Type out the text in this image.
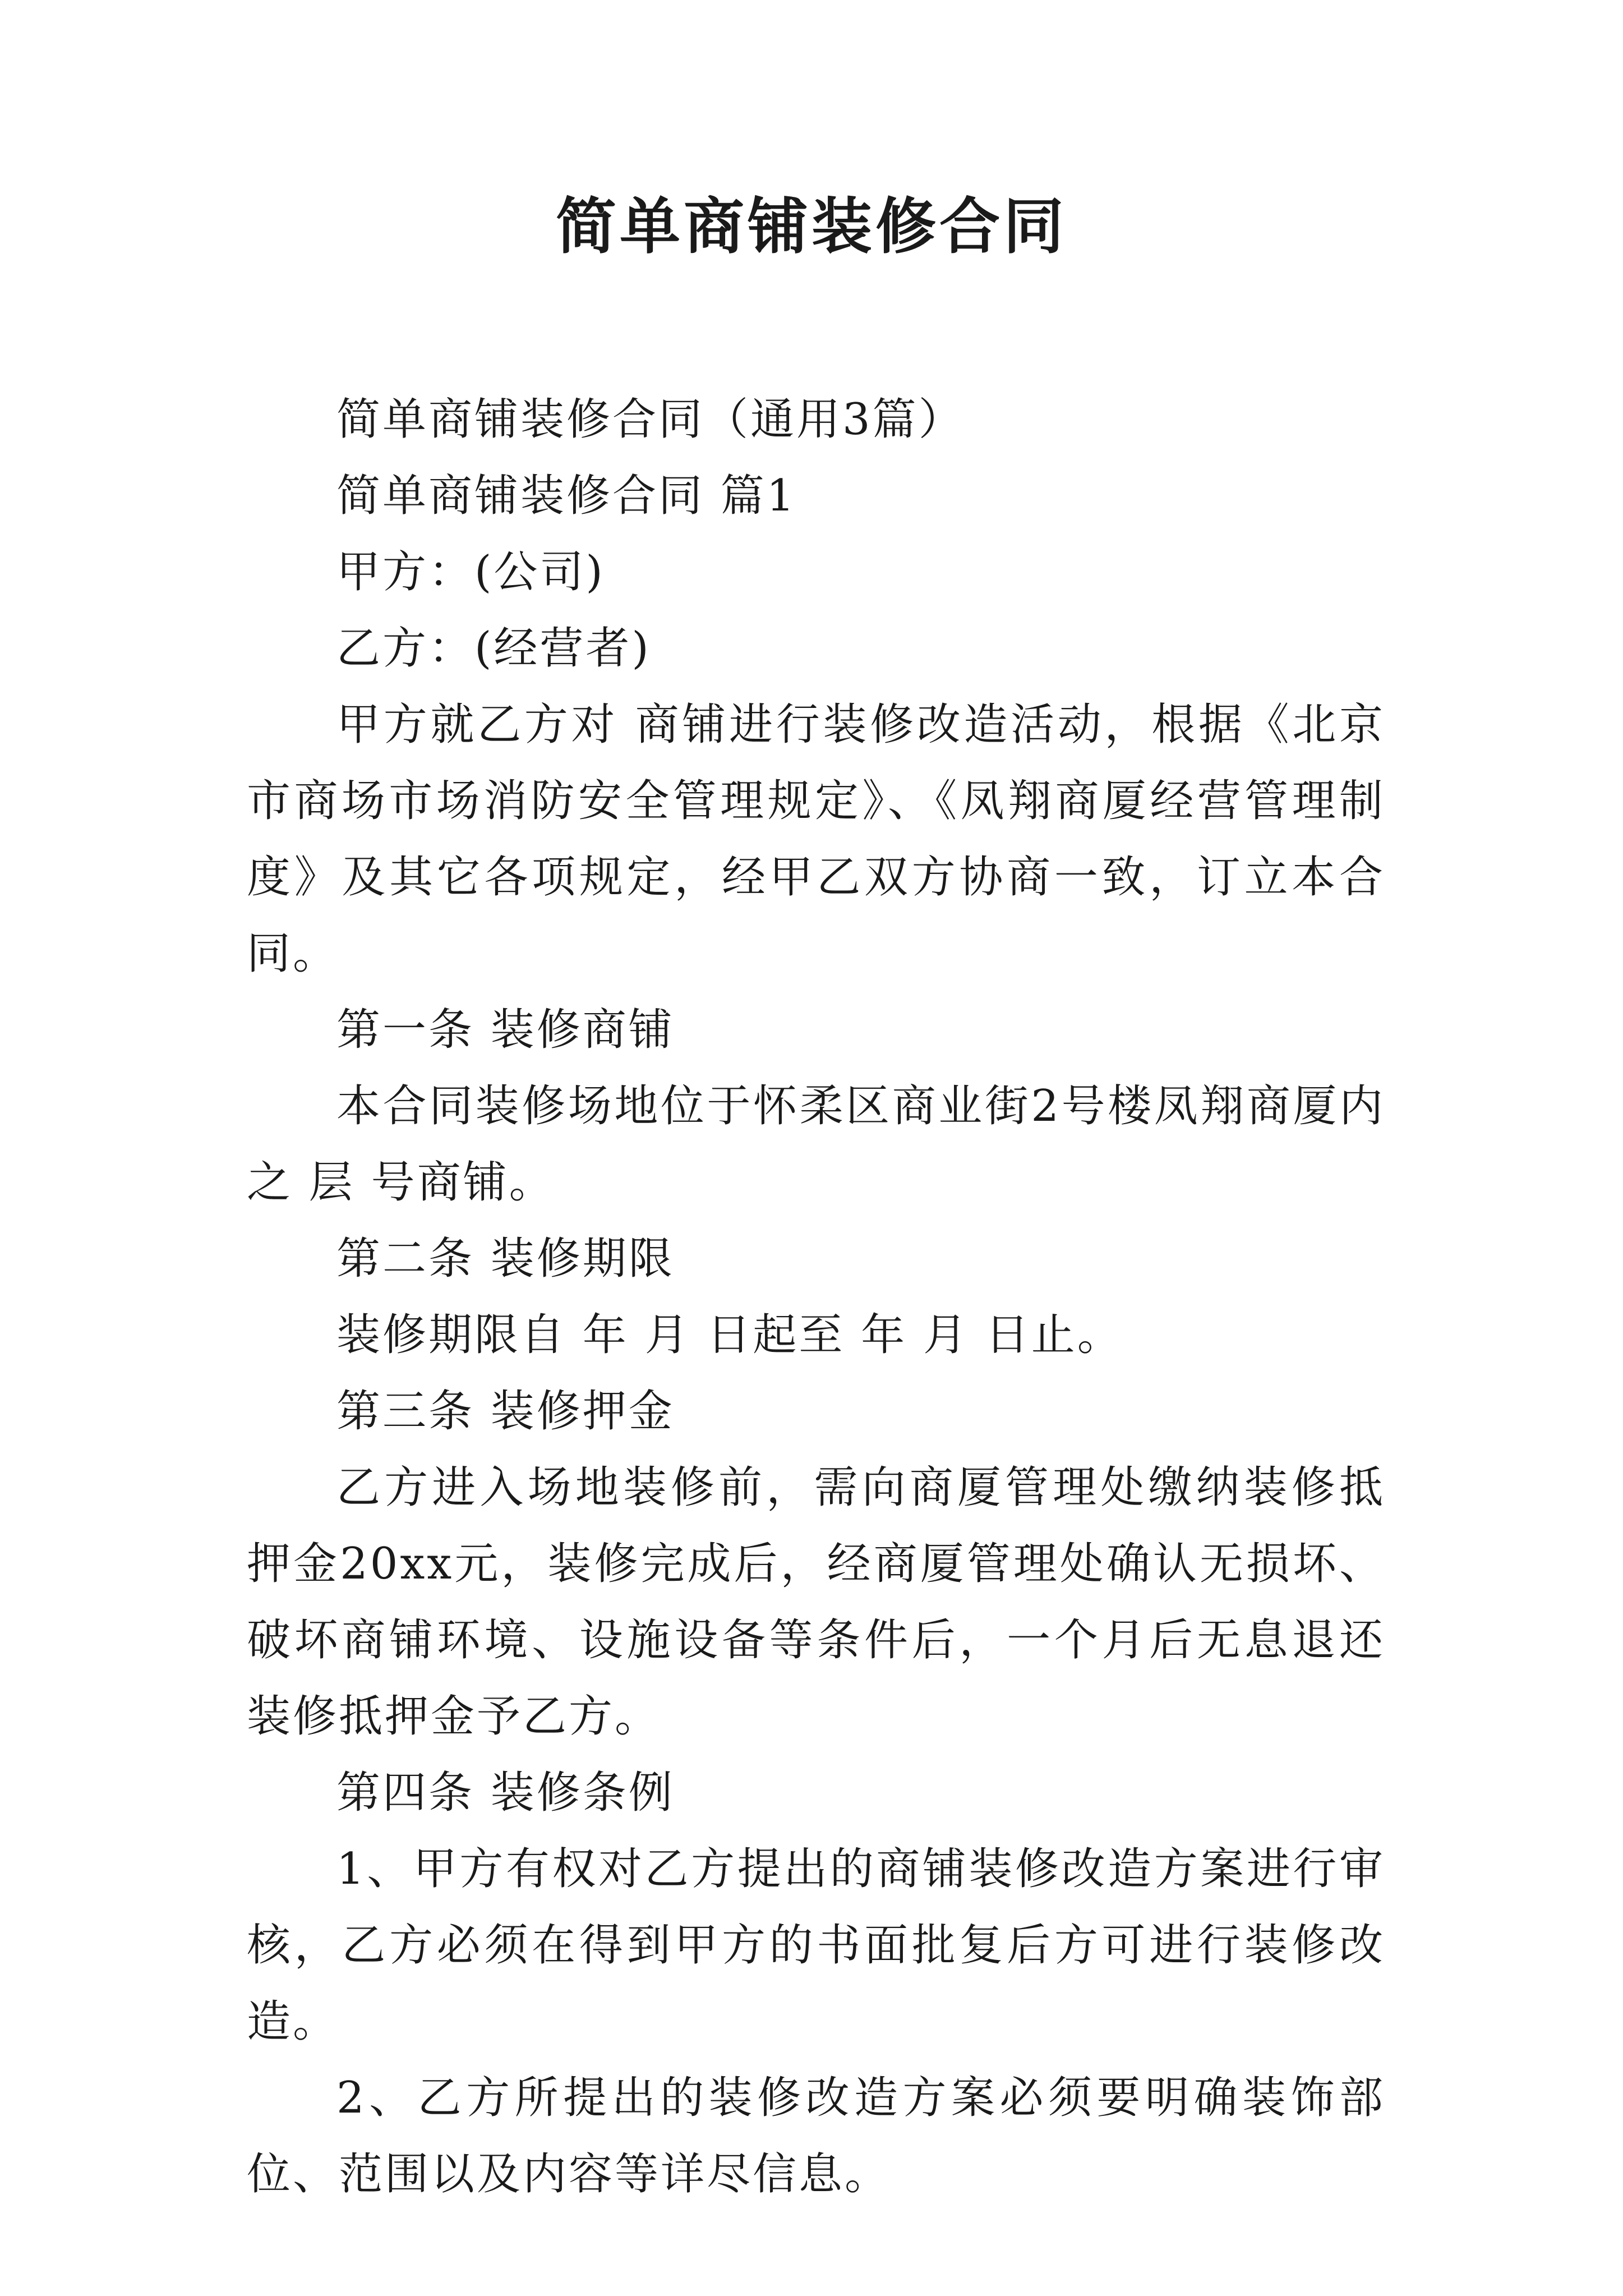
简单商铺装修合同

简单商铺装修合同（通用3篇）

简单商铺装修合同 篇1

甲方：(公司)

乙方：(经营者)

甲方就乙方对 商铺进行装修改造活动，根据《北京市商场市场消防安全管理规定》、《凤翔商厦经营管理制度》及其它各项规定，经甲乙双方协商一致，订立本合同。

第一条 装修商铺

本合同装修场地位于怀柔区商业街2号楼凤翔商厦内之 层 号商铺。

第二条 装修期限

装修期限自 年 月 日起至 年 月 日止。

第三条 装修押金

乙方进入场地装修前，需向商厦管理处缴纳装修抵押金20xx元，装修完成后，经商厦管理处确认无损坏、破坏商铺环境、设施设备等条件后，一个月后无息退还装修抵押金予乙方。

第四条 装修条例

1、甲方有权对乙方提出的商铺装修改造方案进行审核，乙方必须在得到甲方的书面批复后方可进行装修改造。

2、乙方所提出的装修改造方案必须要明确装饰部位、范围以及内容等详尽信息。
